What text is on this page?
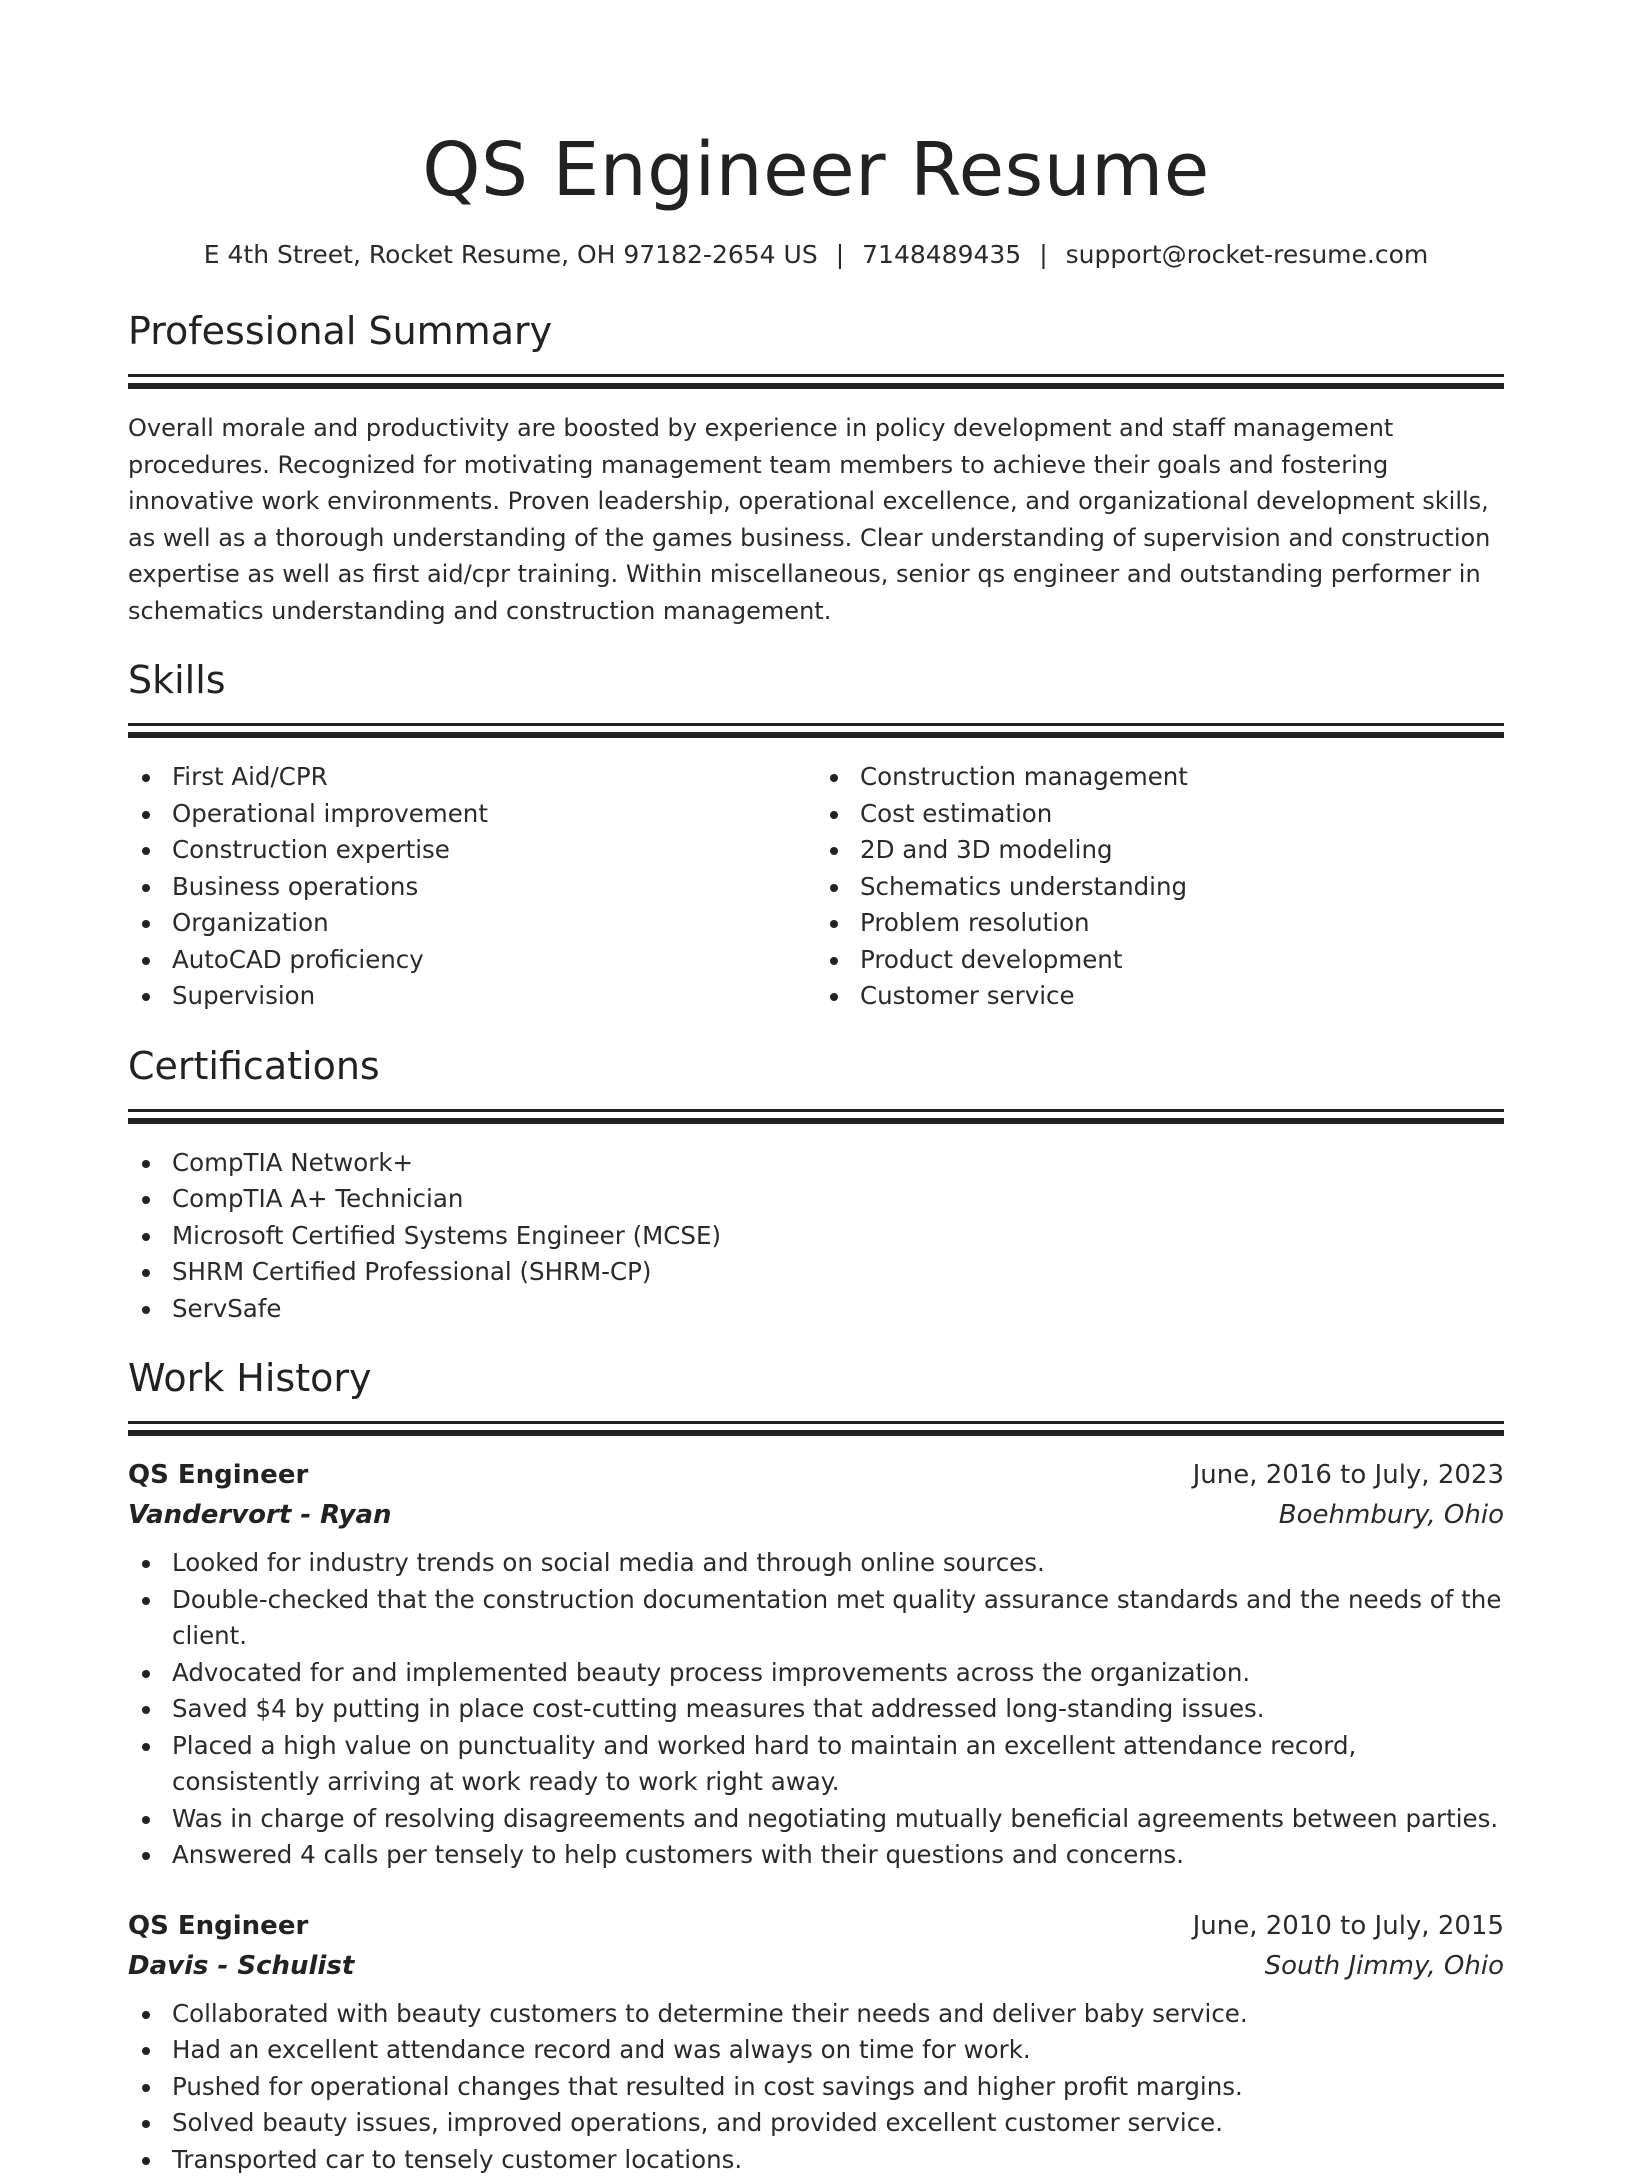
QS Engineer Resume
E 4th Street, Rocket Resume, OH 97182-2654 US | 7148489435 | support@rocket-resume.com
Professional Summary

Overall morale and productivity are boosted by experience in policy development and staff management procedures. Recognized for motivating management team members to achieve their goals and fostering innovative work environments. Proven leadership, operational excellence, and organizational development skills, as well as a thorough understanding of the games business. Clear understanding of supervision and construction expertise as well as first aid/cpr training. Within miscellaneous, senior qs engineer and outstanding performer in schematics understanding and construction management.

Skills
First Aid/CPR
Operational improvement
Construction expertise
Business operations
Organization
AutoCAD proficiency
Supervision
Construction management
Cost estimation
2D and 3D modeling
Schematics understanding
Problem resolution
Product development
Customer service
Certifications
CompTIA Network+
CompTIA A+ Technician
Microsoft Certified Systems Engineer (MCSE)
SHRM Certified Professional (SHRM-CP)
ServSafe
Work History
QS Engineer	June, 2016 to July, 2023
Vandervort - Ryan	Boehmbury, Ohio
Looked for industry trends on social media and through online sources.
Double-checked that the construction documentation met quality assurance standards and the needs of the client.
Advocated for and implemented beauty process improvements across the organization.
Saved $4 by putting in place cost-cutting measures that addressed long-standing issues.
Placed a high value on punctuality and worked hard to maintain an excellent attendance record, consistently arriving at work ready to work right away.
Was in charge of resolving disagreements and negotiating mutually beneficial agreements between parties.
Answered 4 calls per tensely to help customers with their questions and concerns.
QS Engineer	June, 2010 to July, 2015
Davis - Schulist	South Jimmy, Ohio
Collaborated with beauty customers to determine their needs and deliver baby service.
Had an excellent attendance record and was always on time for work.
Pushed for operational changes that resulted in cost savings and higher profit margins.
Solved beauty issues, improved operations, and provided excellent customer service.
Transported car to tensely customer locations.
